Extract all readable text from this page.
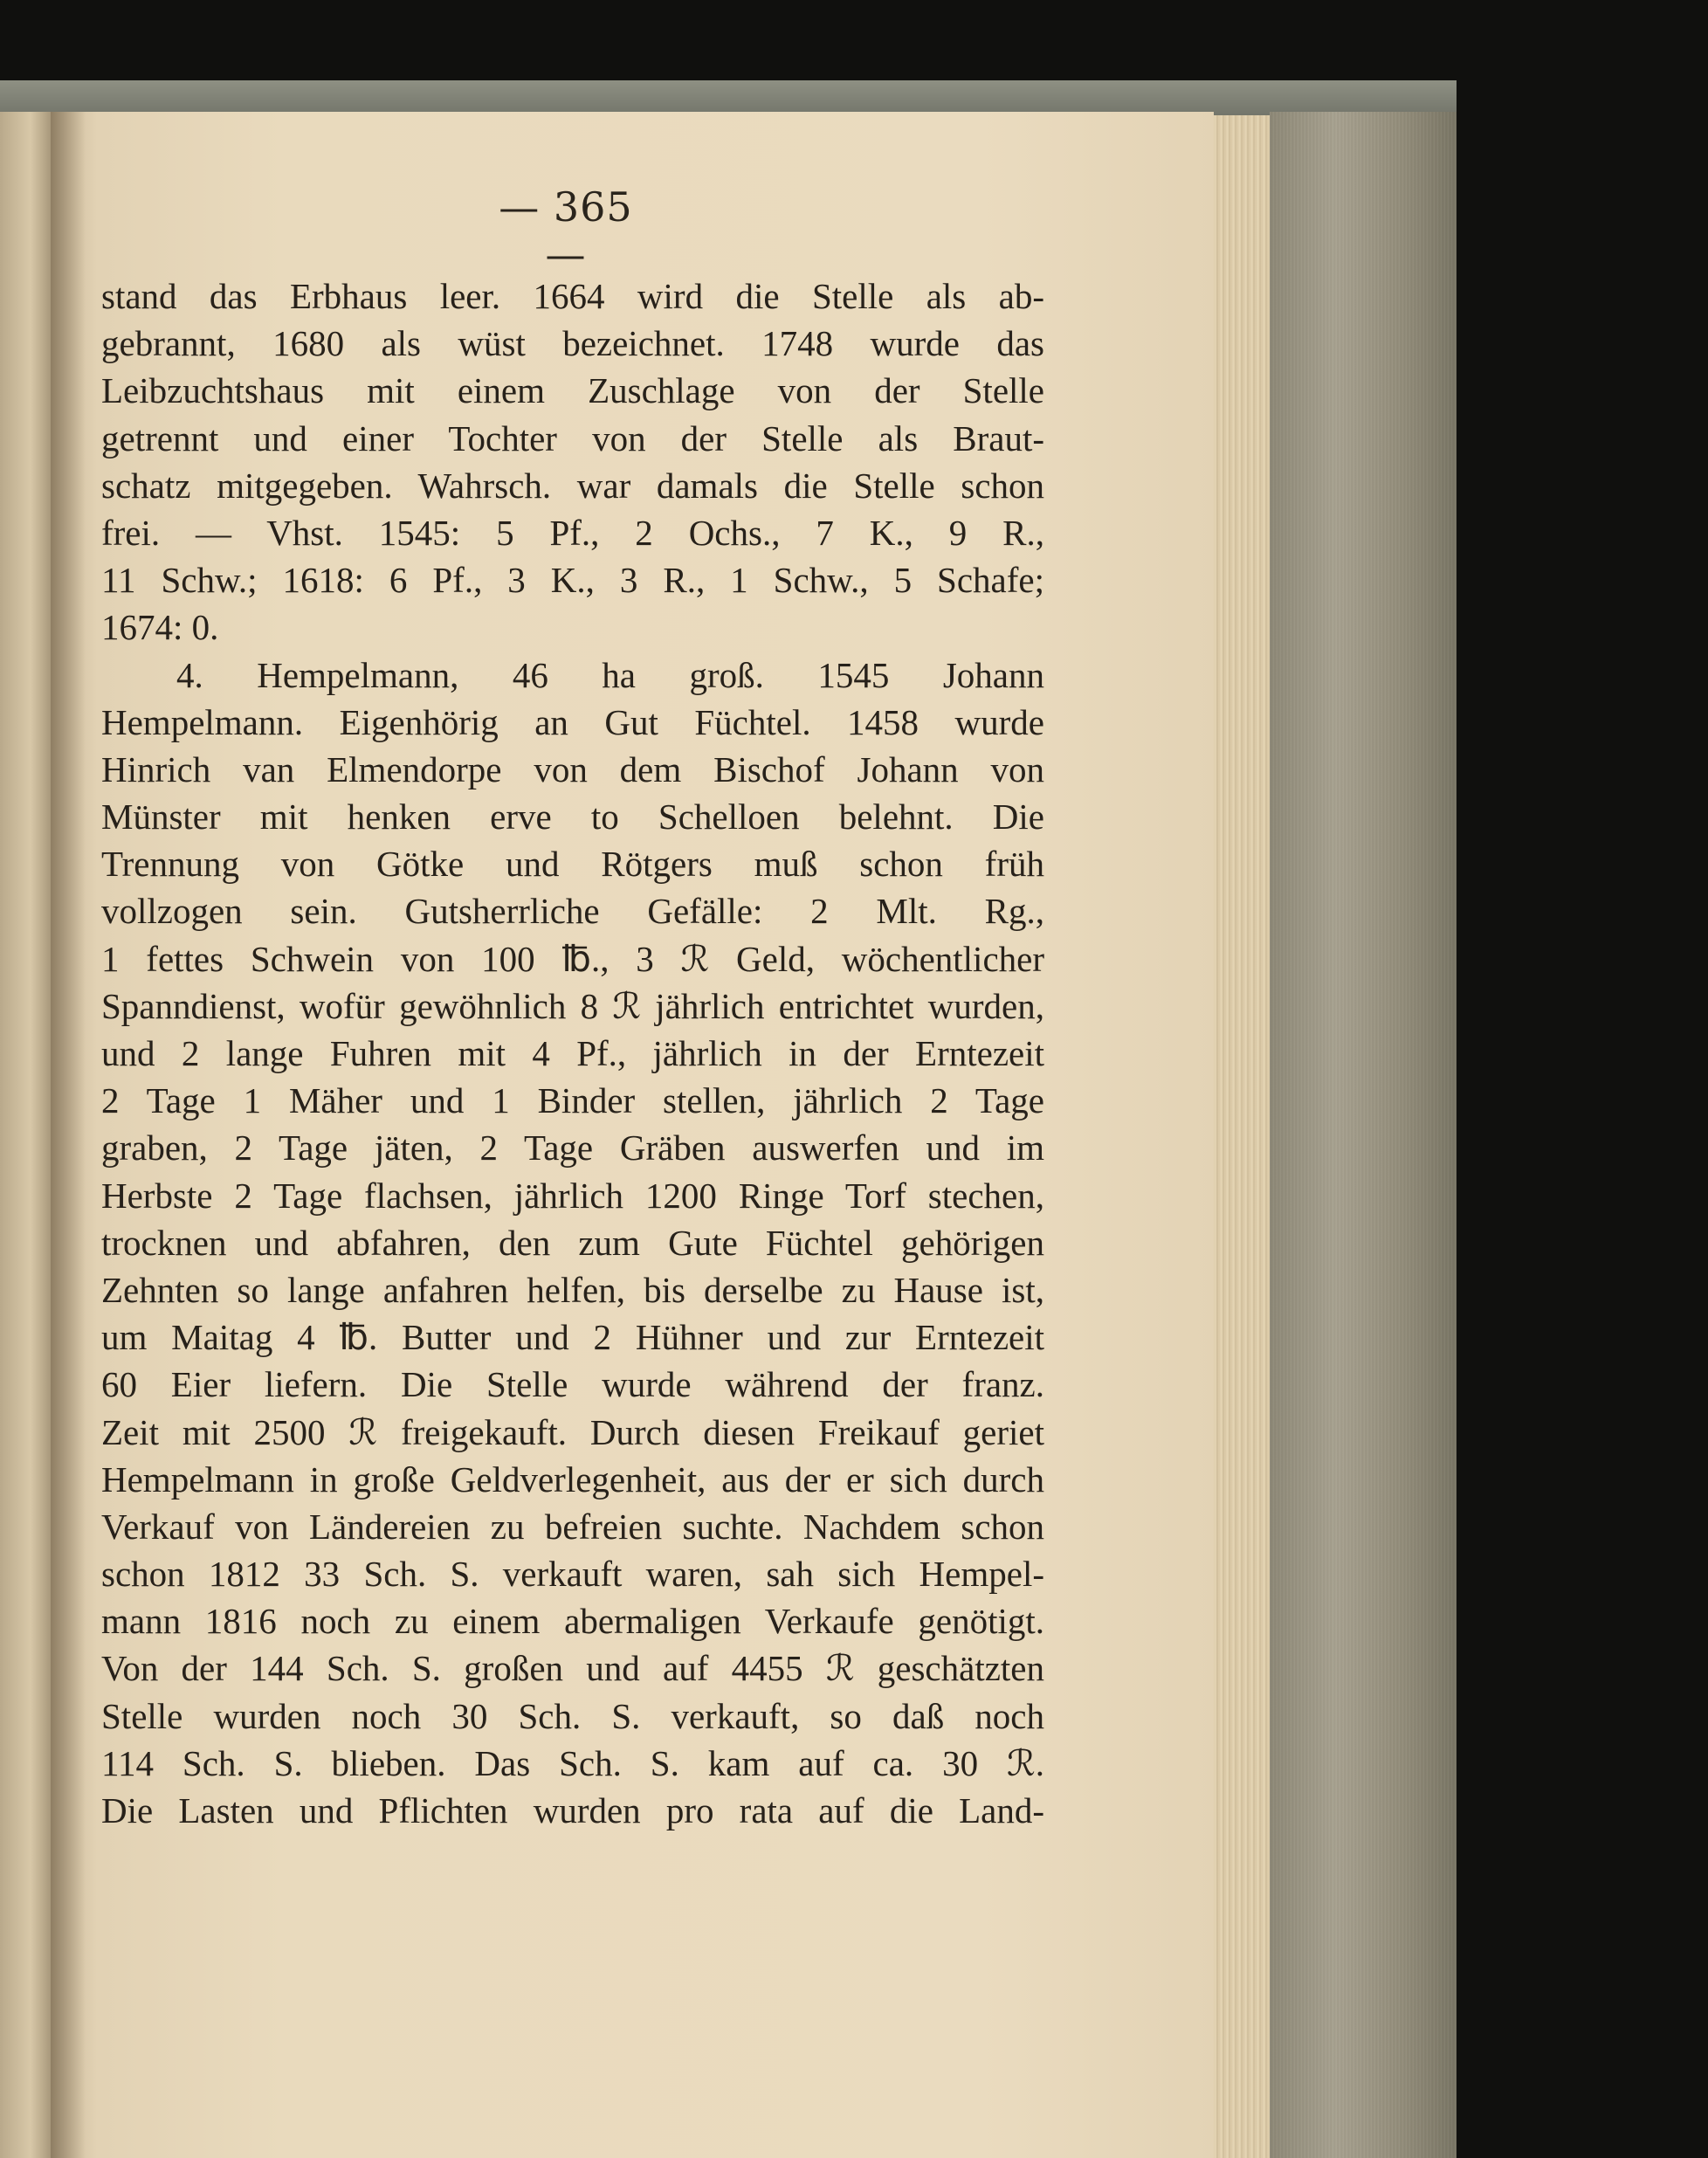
— 365 —
stand das Erbhaus leer. 1664 wird die Stelle als ab-
gebrannt, 1680 als wüst bezeichnet. 1748 wurde das
Leibzuchtshaus mit einem Zuschlage von der Stelle
getrennt und einer Tochter von der Stelle als Braut-
schatz mitgegeben. Wahrsch. war damals die Stelle schon
frei. — Vhst. 1545: 5 Pf., 2 Ochs., 7 K., 9 R.,
11 Schw.; 1618: 6 Pf., 3 K., 3 R., 1 Schw., 5 Schafe;
1674: 0.
4. Hempelmann, 46 ha groß. 1545 Johann
Hempelmann. Eigenhörig an Gut Füchtel. 1458 wurde
Hinrich van Elmendorpe von dem Bischof Johann von
Münster mit henken erve to Schelloen belehnt. Die
Trennung von Götke und Rötgers muß schon früh
vollzogen sein. Gutsherrliche Gefälle: 2 Mlt. Rg.,
1 fettes Schwein von 100 ℔., 3 ℛ Geld, wöchentlicher
Spanndienst, wofür gewöhnlich 8 ℛ jährlich entrichtet wurden,
und 2 lange Fuhren mit 4 Pf., jährlich in der Erntezeit
2 Tage 1 Mäher und 1 Binder stellen, jährlich 2 Tage
graben, 2 Tage jäten, 2 Tage Gräben auswerfen und im
Herbste 2 Tage flachsen, jährlich 1200 Ringe Torf stechen,
trocknen und abfahren, den zum Gute Füchtel gehörigen
Zehnten so lange anfahren helfen, bis derselbe zu Hause ist,
um Maitag 4 ℔. Butter und 2 Hühner und zur Erntezeit
60 Eier liefern. Die Stelle wurde während der franz.
Zeit mit 2500 ℛ freigekauft. Durch diesen Freikauf geriet
Hempelmann in große Geldverlegenheit, aus der er sich durch
Verkauf von Ländereien zu befreien suchte. Nachdem schon
schon 1812 33 Sch. S. verkauft waren, sah sich Hempel-
mann 1816 noch zu einem abermaligen Verkaufe genötigt.
Von der 144 Sch. S. großen und auf 4455 ℛ geschätzten
Stelle wurden noch 30 Sch. S. verkauft, so daß noch
114 Sch. S. blieben. Das Sch. S. kam auf ca. 30 ℛ.
Die Lasten und Pflichten wurden pro rata auf die Land-
